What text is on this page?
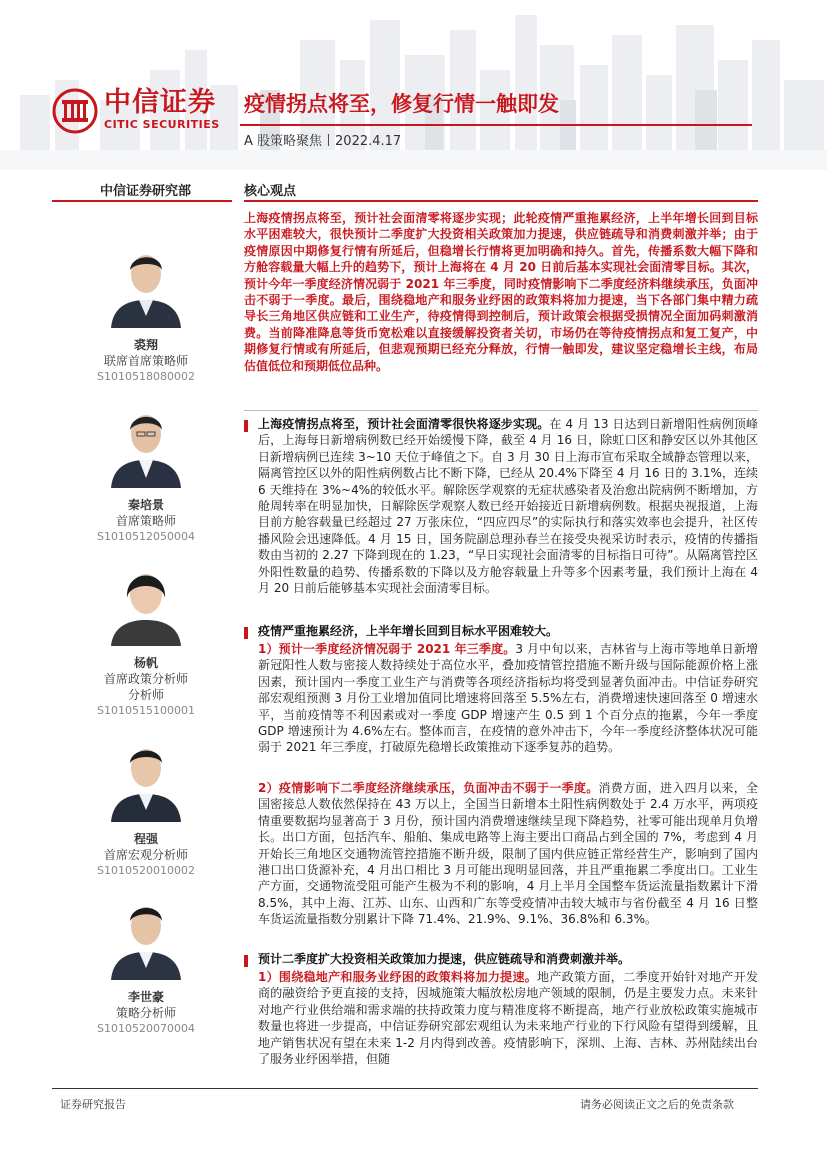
中信证券
CITIC SECURITIES
疫情拐点将至，修复行情一触即发
A 股策略聚焦丨2022.4.17
中信证券研究部	核心观点
裘翔
联席首席策略师
S1010518080002
秦培景
首席策略师
S1010512050004
杨帆
首席政策分析师
分析师
S1010515100001
程强
首席宏观分析师
S1010520010002
李世豪
策略分析师
S1010520070004
上海疫情拐点将至，预计社会面清零将逐步实现；此轮疫情严重拖累经济，上半年增长回到目标水平困难较大，很快预计二季度扩大投资相关政策加力提速，供应链疏导和消费刺激并举；由于疫情原因中期修复行情有所延后，但稳增长行情将更加明确和持久。首先，传播系数大幅下降和方舱容载量大幅上升的趋势下，预计上海将在 4 月 20 日前后基本实现社会面清零目标。其次，预计今年一季度经济情况弱于 2021 年三季度，同时疫情影响下二季度经济料继续承压，负面冲击不弱于一季度。最后，围绕稳地产和服务业纾困的政策料将加力提速，当下各部门集中精力疏导长三角地区供应链和工业生产，待疫情得到控制后，预计政策会根据受损情况全面加码刺激消费。当前降准降息等货币宽松难以直接缓解投资者关切，市场仍在等待疫情拐点和复工复产，中期修复行情或有所延后，但悲观预期已经充分释放，行情一触即发，建议坚定稳增长主线，布局估值低位和预期低位品种。
上海疫情拐点将至，预计社会面清零很快将逐步实现。在 4 月 13 日达到日新增阳性病例顶峰后，上海每日新增病例数已经开始缓慢下降，截至 4 月 16 日，除虹口区和静安区以外其他区日新增病例已连续 3~10 天位于峰值之下。自 3 月 30 日上海市宣布采取全域静态管理以来，隔离管控区以外的阳性病例数占比不断下降，已经从 20.4%下降至 4 月 16 日的 3.1%，连续 6 天维持在 3%~4%的较低水平。解除医学观察的无症状感染者及治愈出院病例不断增加，方舱周转率在明显加快，日解除医学观察人数已经开始接近日新增病例数。根据央视报道，上海目前方舱容载量已经超过 27 万张床位，“四应四尽”的实际执行和落实效率也会提升，社区传播风险会迅速降低。4 月 15 日，国务院副总理孙春兰在接受央视采访时表示，疫情的传播指数由当初的 2.27 下降到现在的 1.23，“早日实现社会面清零的目标指日可待”。从隔离管控区外阳性数量的趋势、传播系数的下降以及方舱容载量上升等多个因素考量，我们预计上海在 4 月 20 日前后能够基本实现社会面清零目标。
疫情严重拖累经济，上半年增长回到目标水平困难较大。
1）预计一季度经济情况弱于 2021 年三季度。3 月中旬以来，吉林省与上海市等地单日新增新冠阳性人数与密接人数持续处于高位水平，叠加疫情管控措施不断升级与国际能源价格上涨因素，预计国内一季度工业生产与消费等各项经济指标均将受到显著负面冲击。中信证券研究部宏观组预测 3 月份工业增加值同比增速将回落至 5.5%左右，消费增速快速回落至 0 增速水平，当前疫情等不利因素或对一季度 GDP 增速产生 0.5 到 1 个百分点的拖累，今年一季度 GDP 增速预计为 4.6%左右。整体而言，在疫情的意外冲击下，今年一季度经济整体状况可能弱于 2021 年三季度，打破原先稳增长政策推动下逐季复苏的趋势。
2）疫情影响下二季度经济继续承压，负面冲击不弱于一季度。消费方面，进入四月以来，全国密接总人数依然保持在 43 万以上，全国当日新增本土阳性病例数处于 2.4 万水平，两项疫情重要数据均显著高于 3 月份，预计国内消费增速继续呈现下降趋势，社零可能出现单月负增长。出口方面，包括汽车、船舶、集成电路等上海主要出口商品占到全国的 7%，考虑到 4 月开始长三角地区交通物流管控措施不断升级，限制了国内供应链正常经营生产，影响到了国内港口出口货源补充，4 月出口相比 3 月可能出现明显回落，并且严重拖累二季度出口。工业生产方面，交通物流受阻可能产生极为不利的影响，4 月上半月全国整车货运流量指数累计下滑 8.5%，其中上海、江苏、山东、山西和广东等受疫情冲击较大城市与省份截至 4 月 16 日整车货运流量指数分别累计下降 71.4%、21.9%、9.1%、36.8%和 6.3%。
预计二季度扩大投资相关政策加力提速，供应链疏导和消费刺激并举。
1）围绕稳地产和服务业纾困的政策料将加力提速。地产政策方面，二季度开始针对地产开发商的融资给予更直接的支持，因城施策大幅放松房地产领域的限制，仍是主要发力点。未来针对地产行业供给端和需求端的扶持政策力度与精准度将不断提高，地产行业放松政策实施城市数量也将进一步提高，中信证券研究部宏观组认为未来地产行业的下行风险有望得到缓解，且地产销售状况有望在未来 1-2 月内得到改善。疫情影响下，深圳、上海、吉林、苏州陆续出台了服务业纾困举措，但随
证券研究报告	请务必阅读正文之后的免责条款
